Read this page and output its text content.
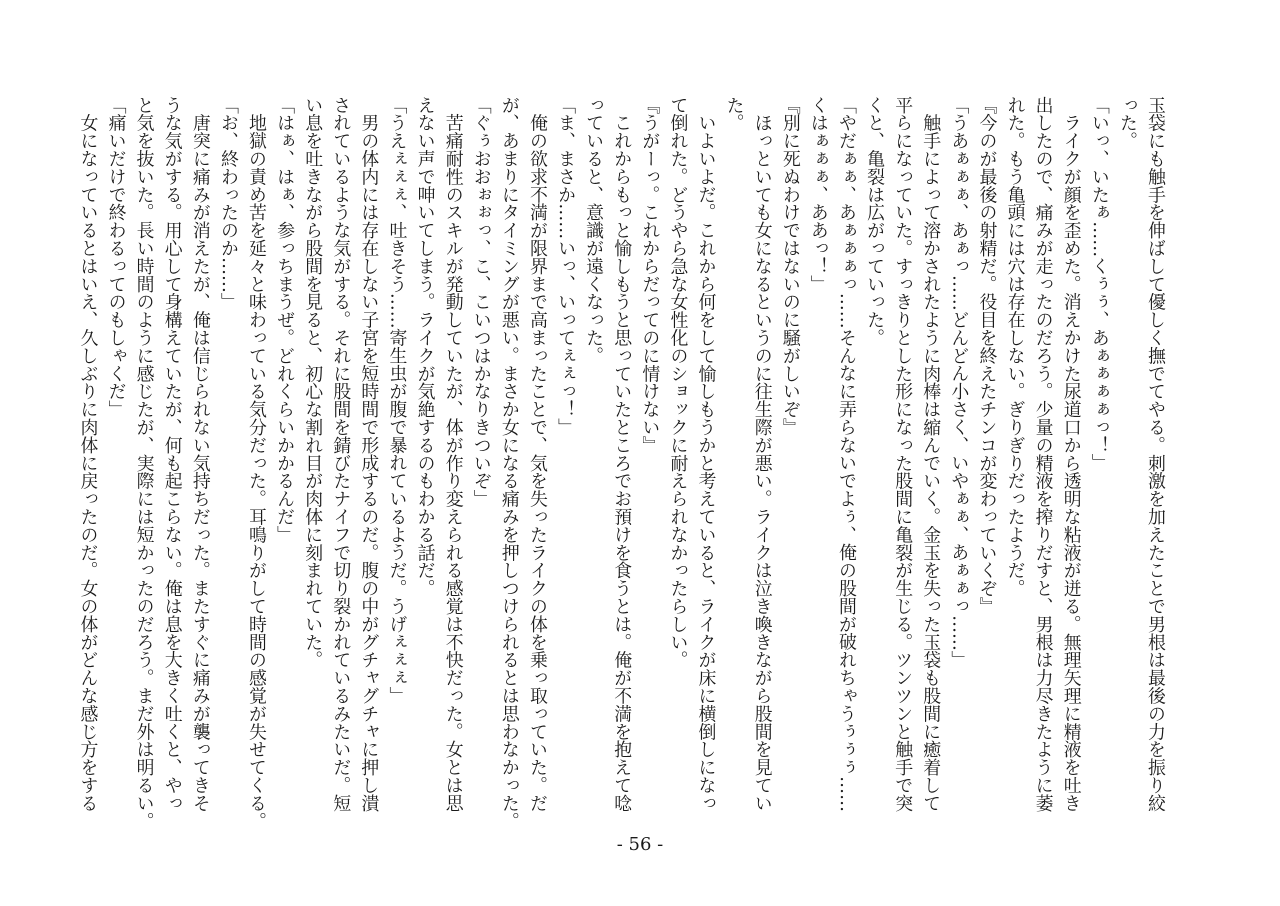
玉袋にも触手を伸ばして優しく撫でてやる。刺激を加えたことで男根は最後の力を振り絞
った。
「いっ、いたぁ……くぅぅ、あぁぁぁぁっ！」
　ライクが顔を歪めた。消えかけた尿道口から透明な粘液が迸る。無理矢理に精液を吐き
出したので、痛みが走ったのだろう。少量の精液を搾りだすと、男根は力尽きたように萎
れた。もう亀頭には穴は存在しない。ぎりぎりだったようだ。
『今のが最後の射精だ。役目を終えたチンコが変わっていくぞ』
「うあぁぁぁ、あぁっ……どんどん小さく、いやぁぁ、あぁぁっ……」
　触手によって溶かされたように肉棒は縮んでいく。金玉を失った玉袋も股間に癒着して
平らになっていた。すっきりとした形になった股間に亀裂が生じる。ツンツンと触手で突
くと、亀裂は広がっていった。
「やだぁぁ、あぁぁぁっ……そんなに弄らないでよぅ、俺の股間が破れちゃうぅぅぅ……
くはぁぁぁ、ああっ！」
『別に死ぬわけではないのに騒がしいぞ』
　ほっといても女になるというのに往生際が悪い。ライクは泣き喚きながら股間を見てい
た。
　いよいよだ。これから何をして愉しもうかと考えていると、ライクが床に横倒しになっ
て倒れた。どうやら急な女性化のショックに耐えられなかったらしい。
『うがーっ。これからだってのに情けない』
　これからもっと愉しもうと思っていたところでお預けを食うとは。俺が不満を抱えて唸
っていると、意識が遠くなった。
「ま、まさか……いっ、いってぇぇっ！」
　俺の欲求不満が限界まで高まったことで、気を失ったライクの体を乗っ取っていた。だ
が、あまりにタイミングが悪い。まさか女になる痛みを押しつけられるとは思わなかった。
「ぐぅおおぉぉっ、こ、こいつはかなりきついぞ」
　苦痛耐性のスキルが発動していたが、体が作り変えられる感覚は不快だった。女とは思
えない声で呻いてしまう。ライクが気絶するのもわかる話だ。
「うえぇぇぇ、吐きそう……寄生虫が腹で暴れているようだ。うげぇぇぇ」
　男の体内には存在しない子宮を短時間で形成するのだ。腹の中がグチャグチャに押し潰
されているような気がする。それに股間を錆びたナイフで切り裂かれているみたいだ。短
い息を吐きながら股間を見ると、初心な割れ目が肉体に刻まれていた。
「はぁ、はぁ、参っちまうぜ。どれくらいかかるんだ」
　地獄の責め苦を延々と味わっている気分だった。耳鳴りがして時間の感覚が失せてくる。
「お、終わったのか……」
　唐突に痛みが消えたが、俺は信じられない気持ちだった。またすぐに痛みが襲ってきそ
うな気がする。用心して身構えていたが、何も起こらない。俺は息を大きく吐くと、やっ
と気を抜いた。長い時間のように感じたが、実際には短かったのだろう。まだ外は明るい。
「痛いだけで終わるってのもしゃくだ」
　女になっているとはいえ、久しぶりに肉体に戻ったのだ。女の体がどんな感じ方をする
- 56 -
